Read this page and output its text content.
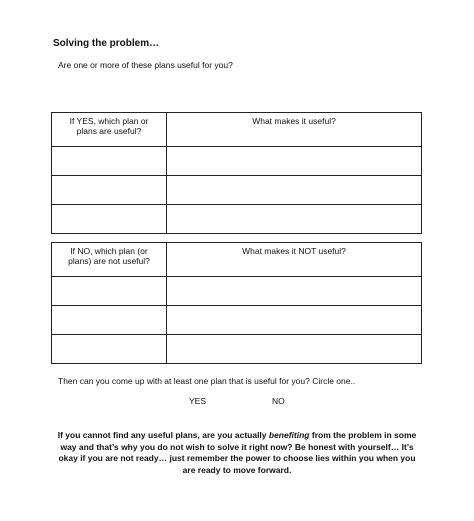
Solving the problem…
Are one or more of these plans useful for you?
If YES, which plan or plans are useful?	What makes it useful?

If NO, which plan (or plans) are not useful?	What makes it NOT useful?

Then can you come up with at least one plan that is useful for you? Circle one..
YES	NO
If you cannot find any useful plans, are you actually benefiting from the problem in some way and that’s why you do not wish to solve it right now? Be honest with yourself… It’s okay if you are not ready… just remember the power to choose lies within you when you are ready to move forward.
